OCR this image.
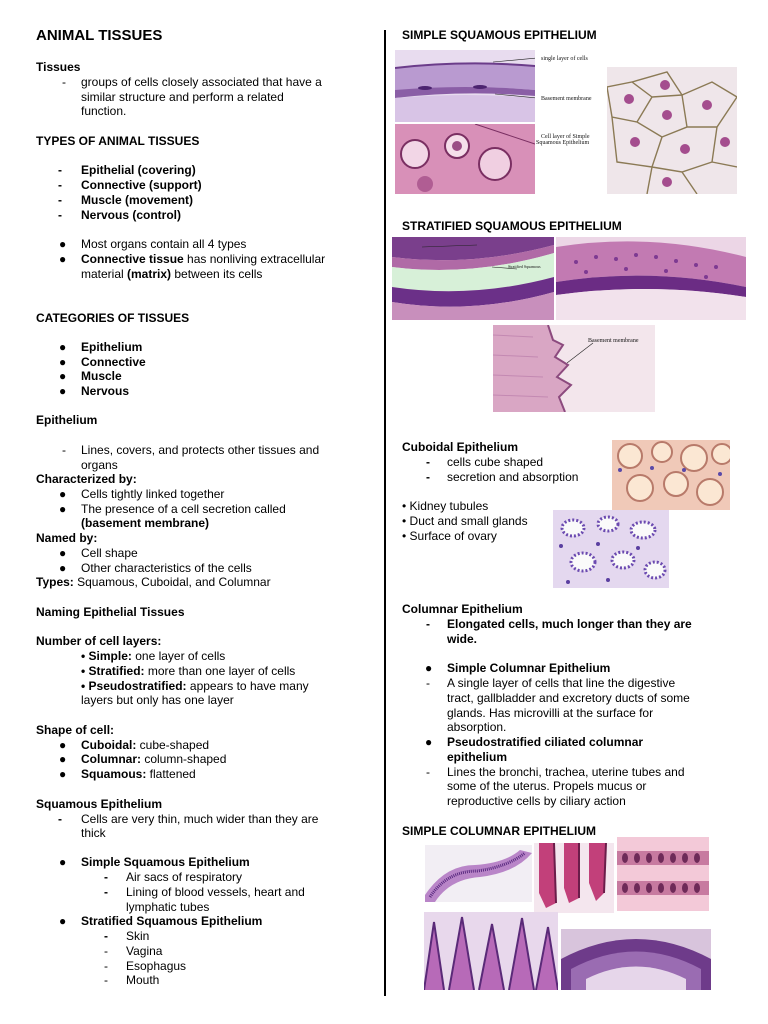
ANIMAL TISSUES
Tissues
- groups of cells closely associated that have a
similar structure and perform a related
function.
TYPES OF ANIMAL TISSUES
- Epithelial (covering)
- Connective (support)
- Muscle (movement)
- Nervous (control)
● Most organs contain all 4 types
● Connective tissue has nonliving extracellular
material (matrix) between its cells
CATEGORIES OF TISSUES
● Epithelium
● Connective
● Muscle
● Nervous
Epithelium
- Lines, covers, and protects other tissues and
organs
Characterized by:
● Cells tightly linked together
● The presence of a cell secretion called
(basement membrane)
Named by:
● Cell shape
● Other characteristics of the cells
Types: Squamous, Cuboidal, and Columnar
Naming Epithelial Tissues
Number of cell layers:
• Simple: one layer of cells
• Stratified: more than one layer of cells
• Pseudostratified: appears to have many
layers but only has one layer
Shape of cell:
● Cuboidal: cube-shaped
● Columnar: column-shaped
● Squamous: flattened
Squamous Epithelium
- Cells are very thin, much wider than they are
thick
● Simple Squamous Epithelium
- Air sacs of respiratory
- Lining of blood vessels, heart and
lymphatic tubes
● Stratified Squamous Epithelium
- Skin
- Vagina
- Esophagus
- Mouth
SIMPLE SQUAMOUS EPITHELIUM
single layer of cells
Basement membrane
Cell layer of Simple
Squamous Epithelium
STRATIFIED SQUAMOUS EPITHELIUM
Stratified Squamous
Basement membrane
Cuboidal Epithelium
- cells cube shaped
- secretion and absorption
• Kidney tubules
• Duct and small glands
• Surface of ovary
Columnar Epithelium
- Elongated cells, much longer than they are
wide.
● Simple Columnar Epithelium
- A single layer of cells that line the digestive
tract, gallbladder and excretory ducts of some
glands. Has microvilli at the surface for
absorption.
● Pseudostratified ciliated columnar
epithelium
- Lines the bronchi, trachea, uterine tubes and
some of the uterus. Propels mucus or
reproductive cells by ciliary action
SIMPLE COLUMNAR EPITHELIUM
